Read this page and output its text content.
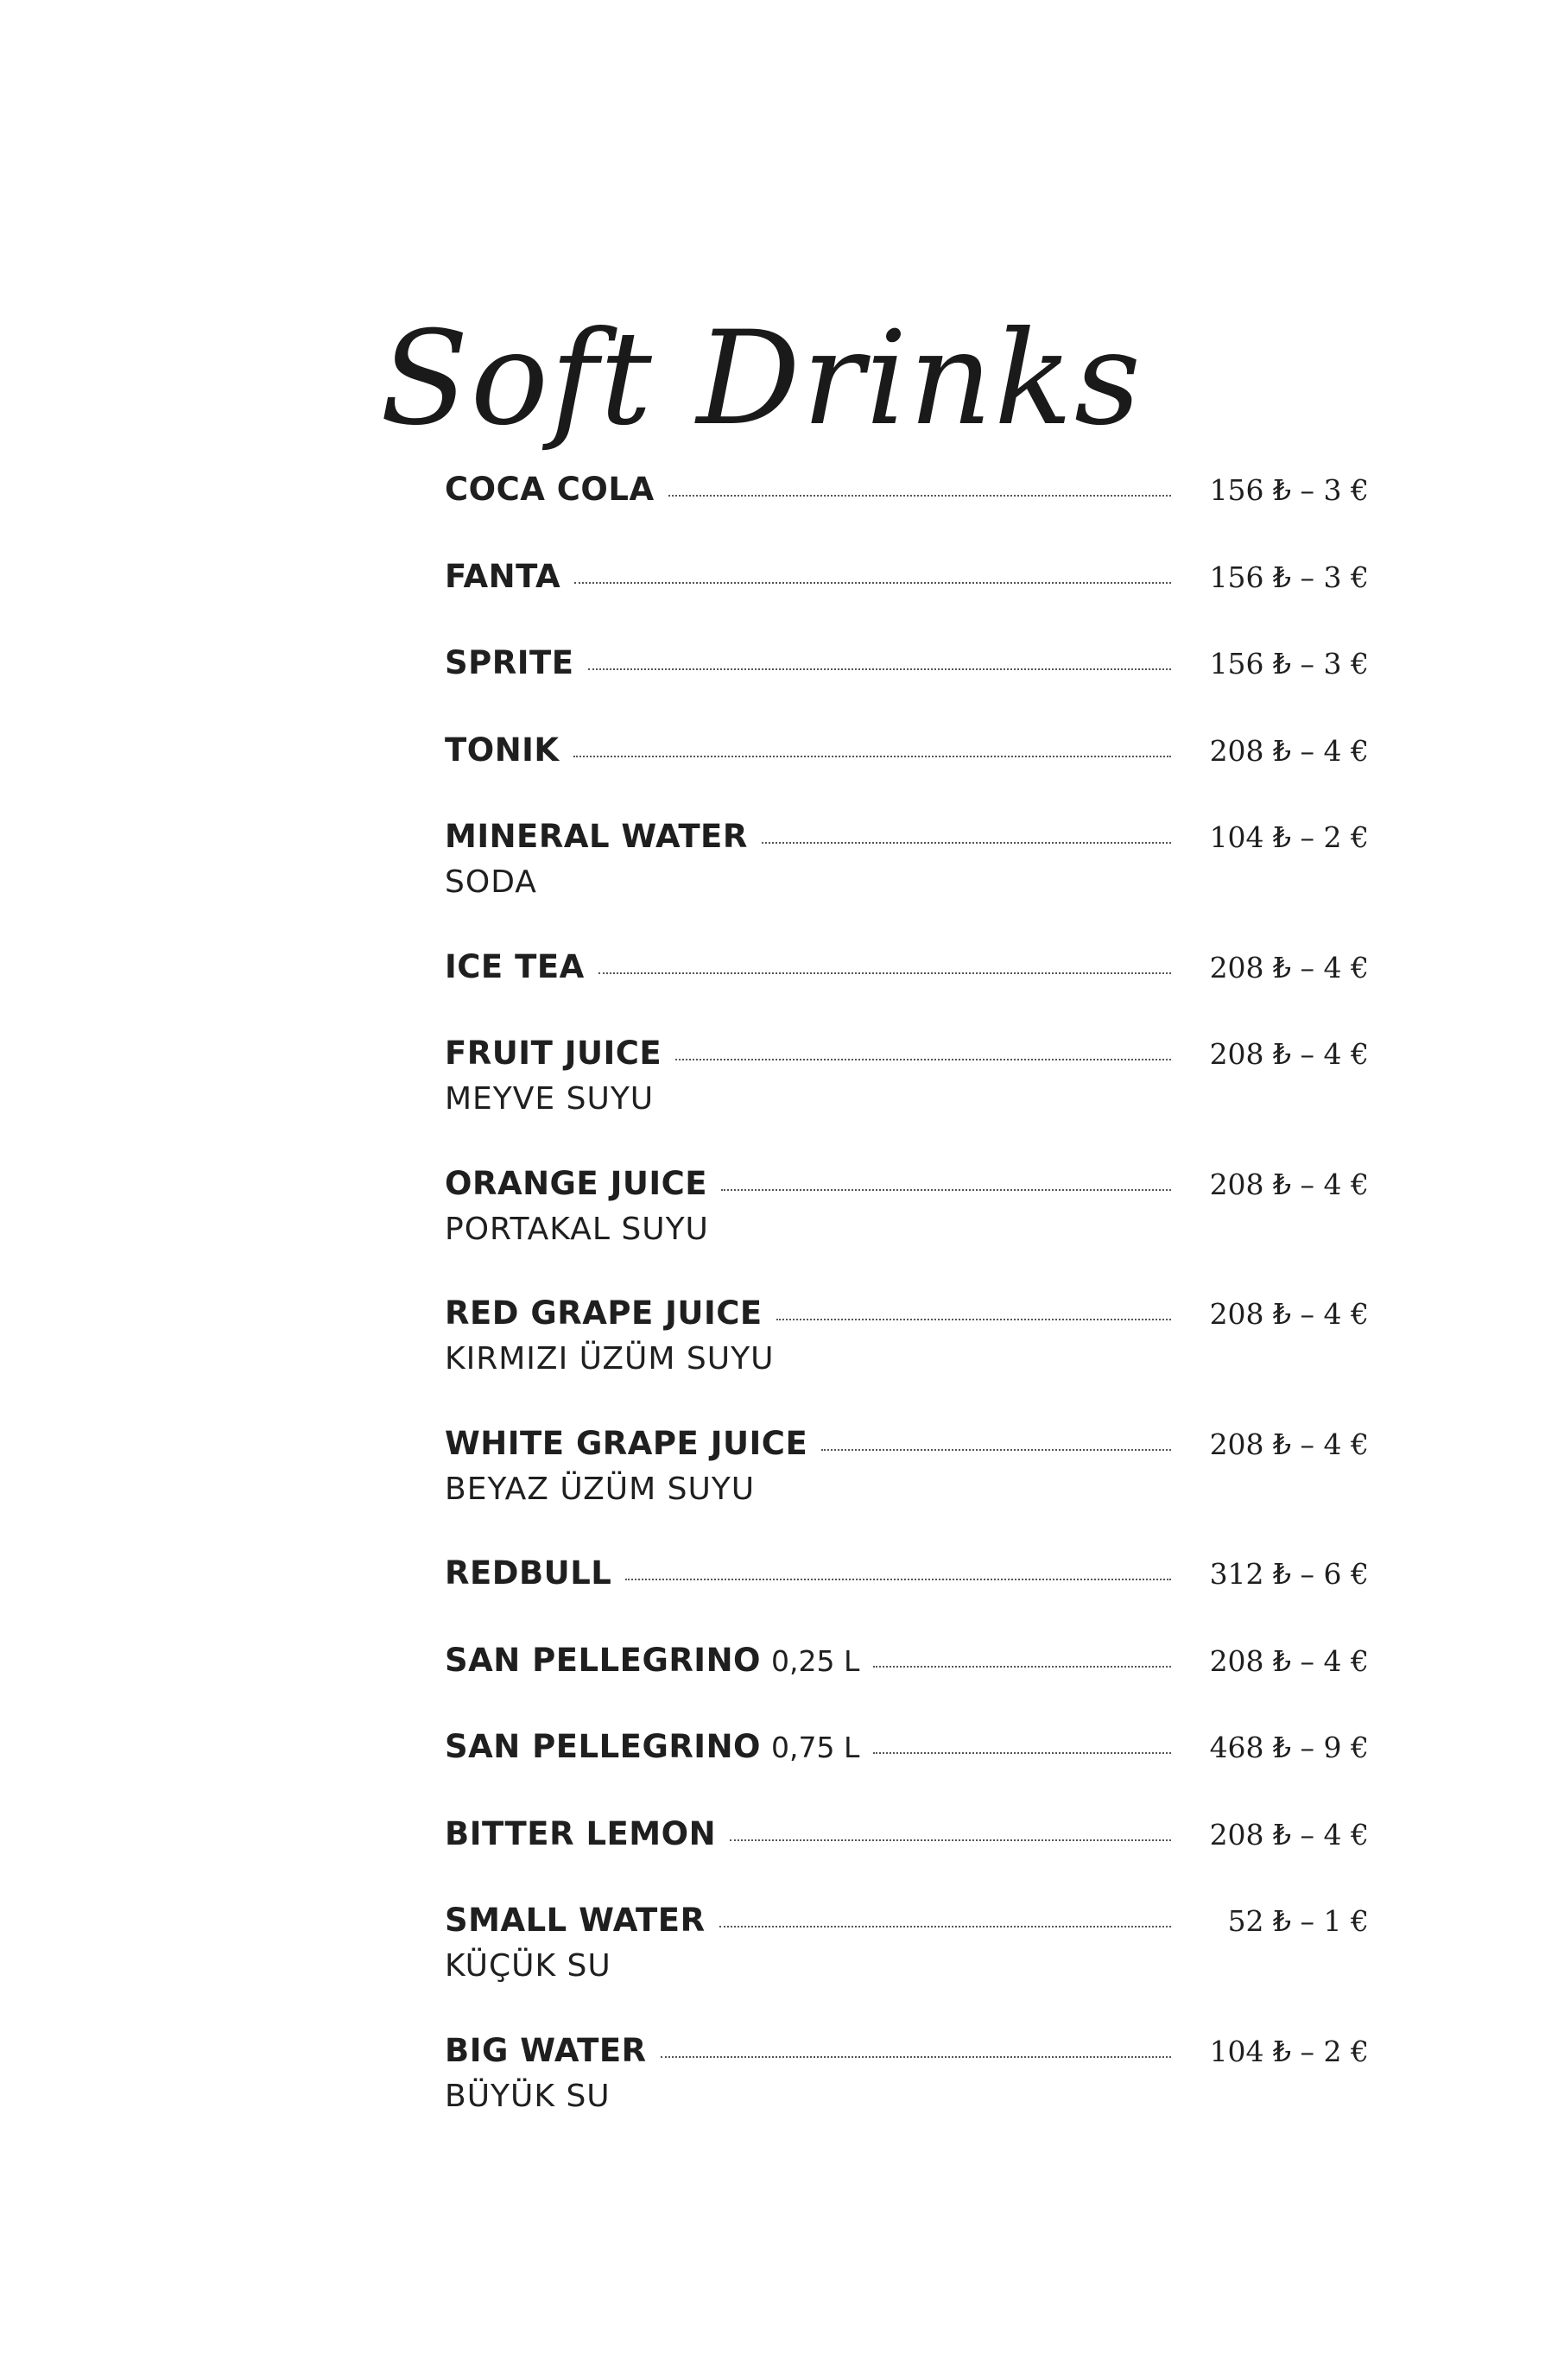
Soft Drinks
COCA COLA	156 ₺ – 3 €
FANTA	156 ₺ – 3 €
SPRITE	156 ₺ – 3 €
TONIK	208 ₺ – 4 €
MINERAL WATER	104 ₺ – 2 €
SODA
ICE TEA	208 ₺ – 4 €
FRUIT JUICE	208 ₺ – 4 €
MEYVE SUYU
ORANGE JUICE	208 ₺ – 4 €
PORTAKAL SUYU
RED GRAPE JUICE	208 ₺ – 4 €
KIRMIZI ÜZÜM SUYU
WHITE GRAPE JUICE	208 ₺ – 4 €
BEYAZ ÜZÜM SUYU
REDBULL	312 ₺ – 6 €
SAN PELLEGRINO 0,25 L	208 ₺ – 4 €
SAN PELLEGRINO 0,75 L	468 ₺ – 9 €
BITTER LEMON	208 ₺ – 4 €
SMALL WATER	52 ₺ – 1 €
KÜÇÜK SU
BIG WATER	104 ₺ – 2 €
BÜYÜK SU
